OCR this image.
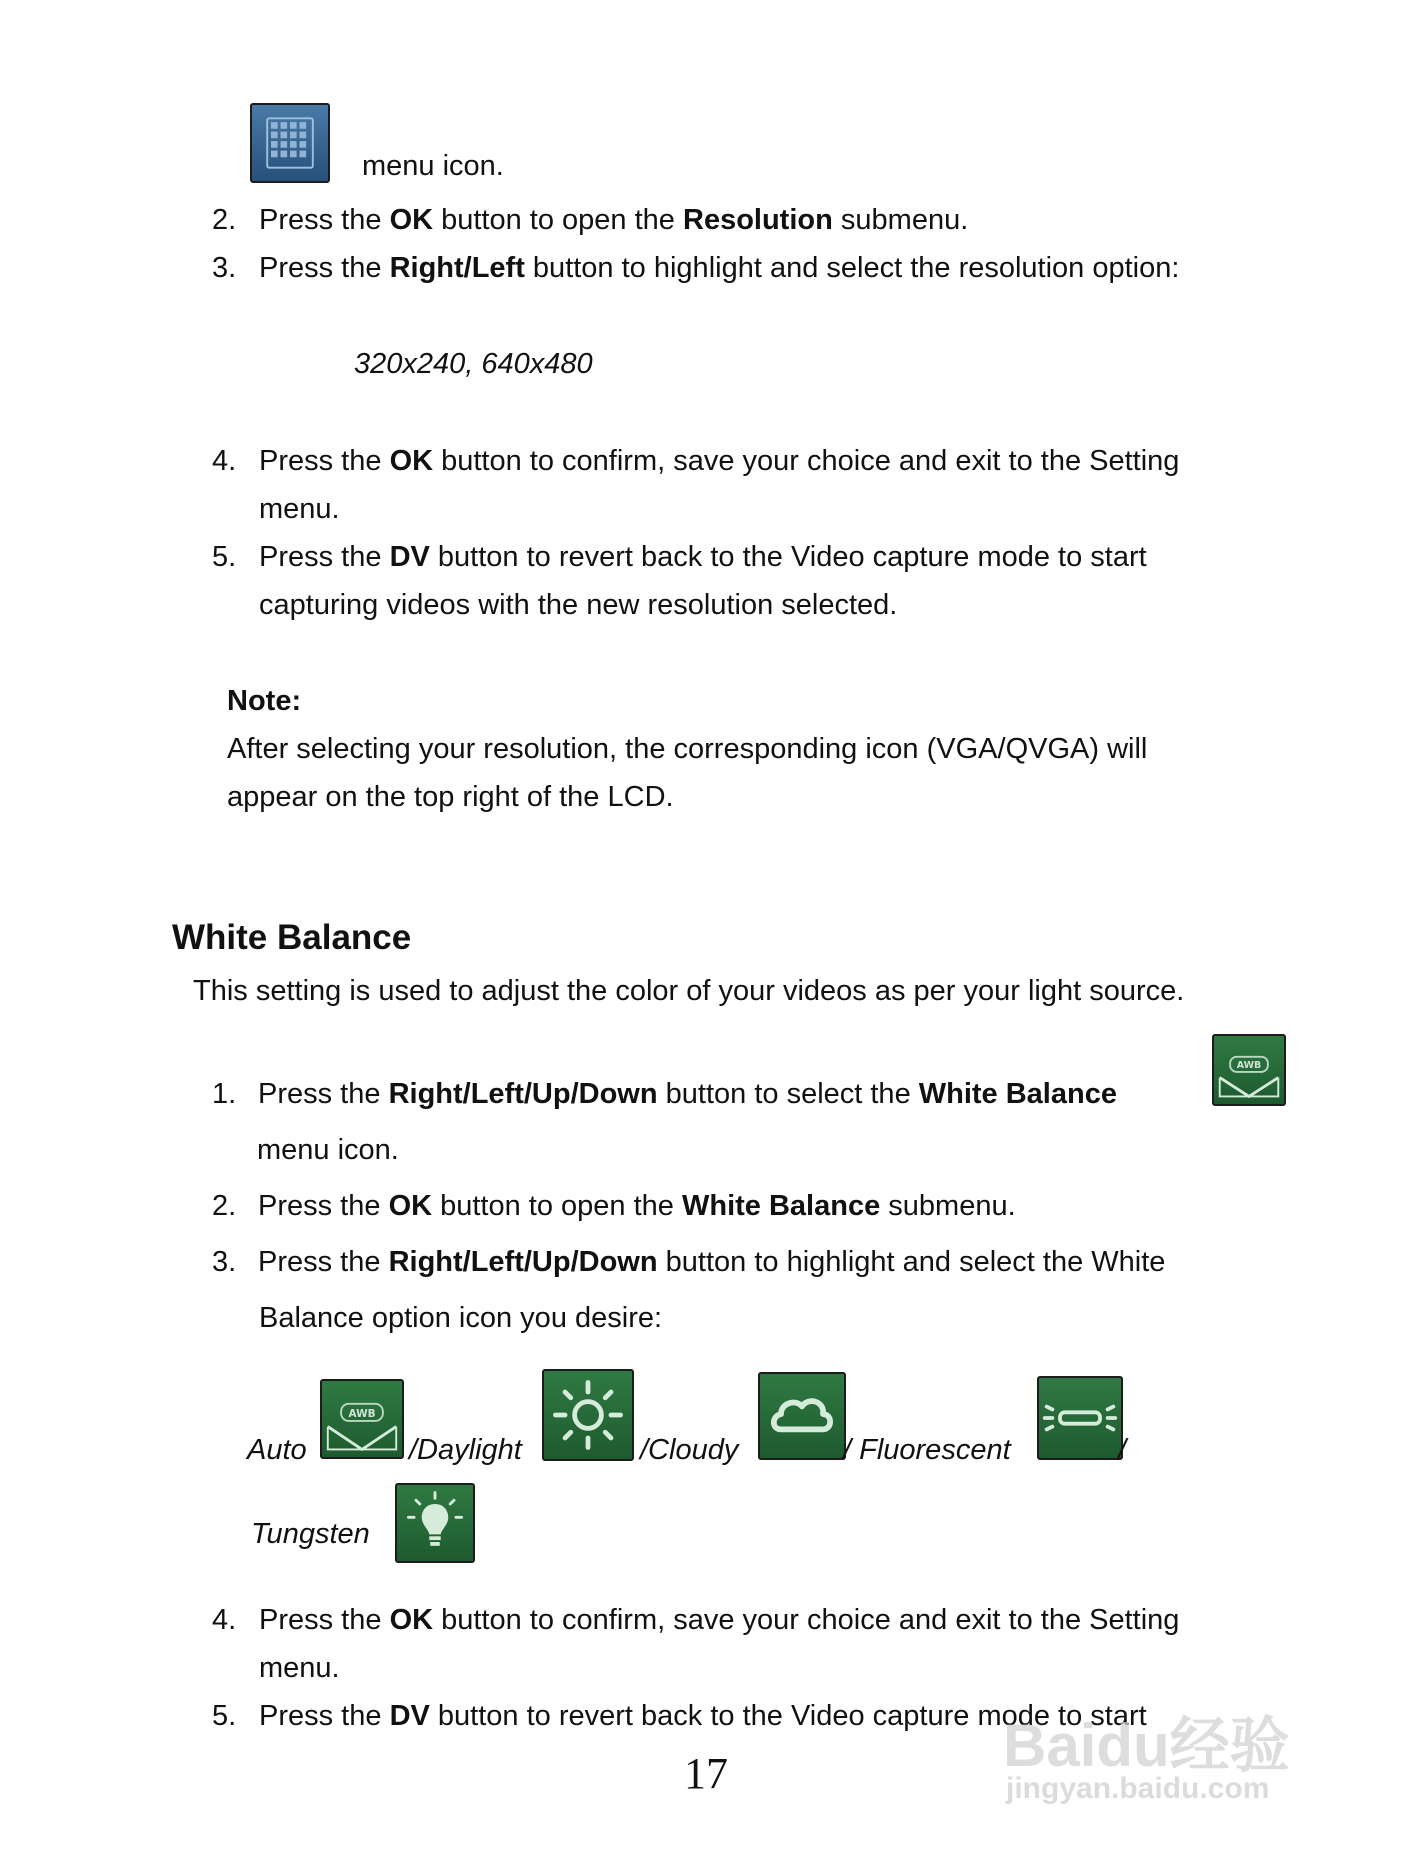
menu icon.
2. Press the OK button to open the Resolution submenu.
3. Press the Right/Left button to highlight and select the resolution option:
320x240, 640x480
4. Press the OK button to confirm, save your choice and exit to the Setting
menu.
5. Press the DV button to revert back to the Video capture mode to start
capturing videos with the new resolution selected.
Note:
After selecting your resolution, the corresponding icon (VGA/QVGA) will
appear on the top right of the LCD.
White Balance
This setting is used to adjust the color of your videos as per your light source.
1. Press the Right/Left/Up/Down button to select the White Balance
AWB
menu icon.
2. Press the OK button to open the White Balance submenu.
3. Press the Right/Left/Up/Down button to highlight and select the White
Balance option icon you desire:
Auto
AWB
/Daylight	/Cloudy	/ Fluorescent	/
Tungsten
4. Press the OK button to confirm, save your choice and exit to the Setting
menu.
5. Press the DV button to revert back to the Video capture mode to start
17	Baidu经验
jingyan.baidu.com
